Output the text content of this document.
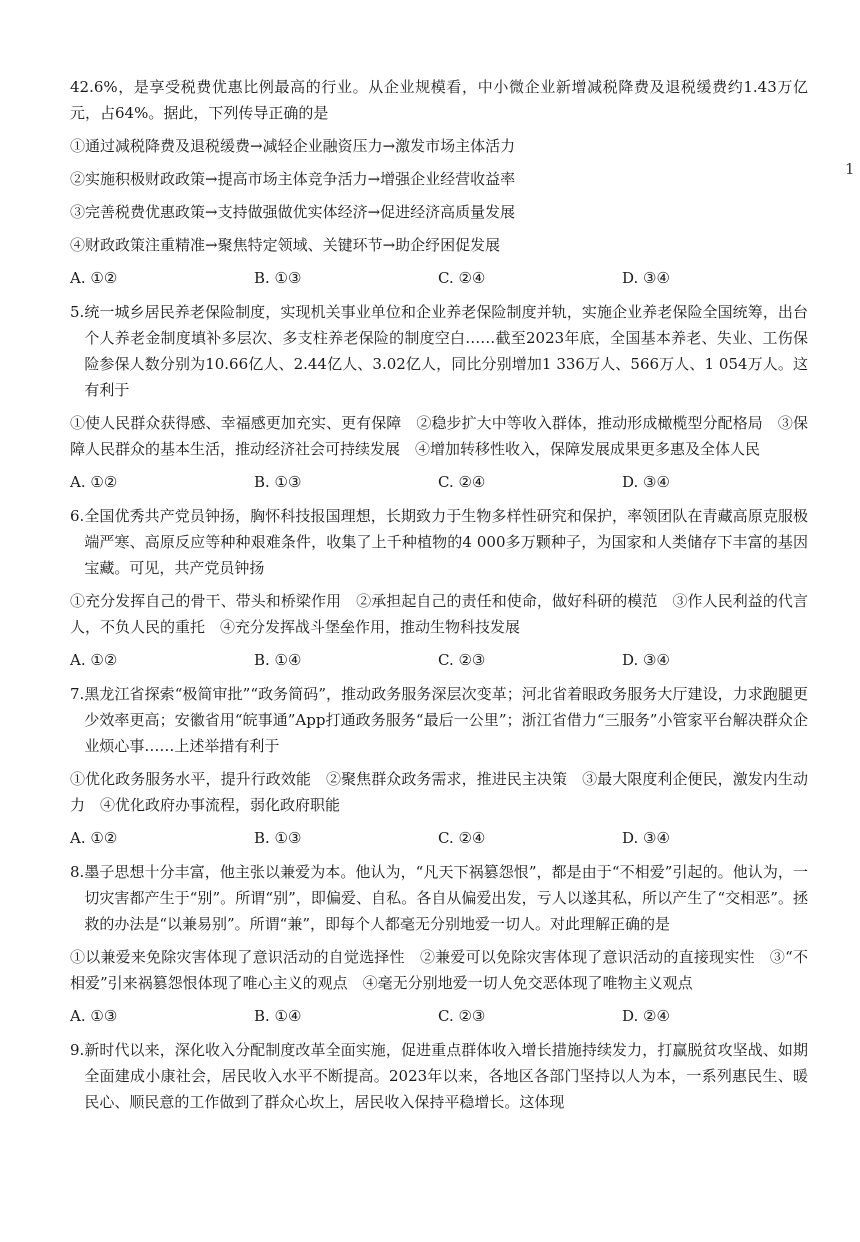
1

42.6%，是享受税费优惠比例最高的行业。从企业规模看，中小微企业新增减税降费及退税缓费约1.43万亿元，占64%。据此，下列传导正确的是

①通过减税降费及退税缓费→减轻企业融资压力→激发市场主体活力

②实施积极财政政策→提高市场主体竞争活力→增强企业经营收益率

③完善税费优惠政策→支持做强做优实体经济→促进经济高质量发展

④财政政策注重精准→聚焦特定领域、关键环节→助企纾困促发展

A. ①②	B. ①③	C. ②④	D. ③④
5. 统一城乡居民养老保险制度，实现机关事业单位和企业养老保险制度并轨，实施企业养老保险全国统筹，出台个人养老金制度填补多层次、多支柱养老保险的制度空白……截至2023年底，全国基本养老、失业、工伤保险参保人数分别为10.66亿人、2.44亿人、3.02亿人，同比分别增加1 336万人、566万人、1 054万人。这有利于

①使人民群众获得感、幸福感更加充实、更有保障　②稳步扩大中等收入群体，推动形成橄榄型分配格局　③保障人民群众的基本生活，推动经济社会可持续发展　④增加转移性收入，保障发展成果更多惠及全体人民

A. ①②	B. ①③	C. ②④	D. ③④
6. 全国优秀共产党员钟扬，胸怀科技报国理想，长期致力于生物多样性研究和保护，率领团队在青藏高原克服极端严寒、高原反应等种种艰难条件，收集了上千种植物的4 000多万颗种子，为国家和人类储存下丰富的基因宝藏。可见，共产党员钟扬

①充分发挥自己的骨干、带头和桥梁作用　②承担起自己的责任和使命，做好科研的模范　③作人民利益的代言人，不负人民的重托　④充分发挥战斗堡垒作用，推动生物科技发展

A. ①②	B. ①④	C. ②③	D. ③④
7. 黑龙江省探索“极简审批”“政务简码”，推动政务服务深层次变革；河北省着眼政务服务大厅建设，力求跑腿更少效率更高；安徽省用“皖事通”App打通政务服务“最后一公里”；浙江省借力“三服务”小管家平台解决群众企业烦心事……上述举措有利于

①优化政务服务水平，提升行政效能　②聚焦群众政务需求，推进民主决策　③最大限度利企便民，激发内生动力　④优化政府办事流程，弱化政府职能

A. ①②	B. ①③	C. ②④	D. ③④
8. 墨子思想十分丰富，他主张以兼爱为本。他认为，“凡天下祸篡怨恨”，都是由于“不相爱”引起的。他认为，一切灾害都产生于“别”。所谓“别”，即偏爱、自私。各自从偏爱出发，亏人以遂其私，所以产生了“交相恶”。拯救的办法是“以兼易别”。所谓“兼”，即每个人都毫无分别地爱一切人。对此理解正确的是

①以兼爱来免除灾害体现了意识活动的自觉选择性　②兼爱可以免除灾害体现了意识活动的直接现实性　③“不相爱”引来祸篡怨恨体现了唯心主义的观点　④毫无分别地爱一切人免交恶体现了唯物主义观点

A. ①③	B. ①④	C. ②③	D. ②④
9. 新时代以来，深化收入分配制度改革全面实施，促进重点群体收入增长措施持续发力，打赢脱贫攻坚战、如期全面建成小康社会，居民收入水平不断提高。2023年以来，各地区各部门坚持以人为本，一系列惠民生、暖民心、顺民意的工作做到了群众心坎上，居民收入保持平稳增长。这体现
